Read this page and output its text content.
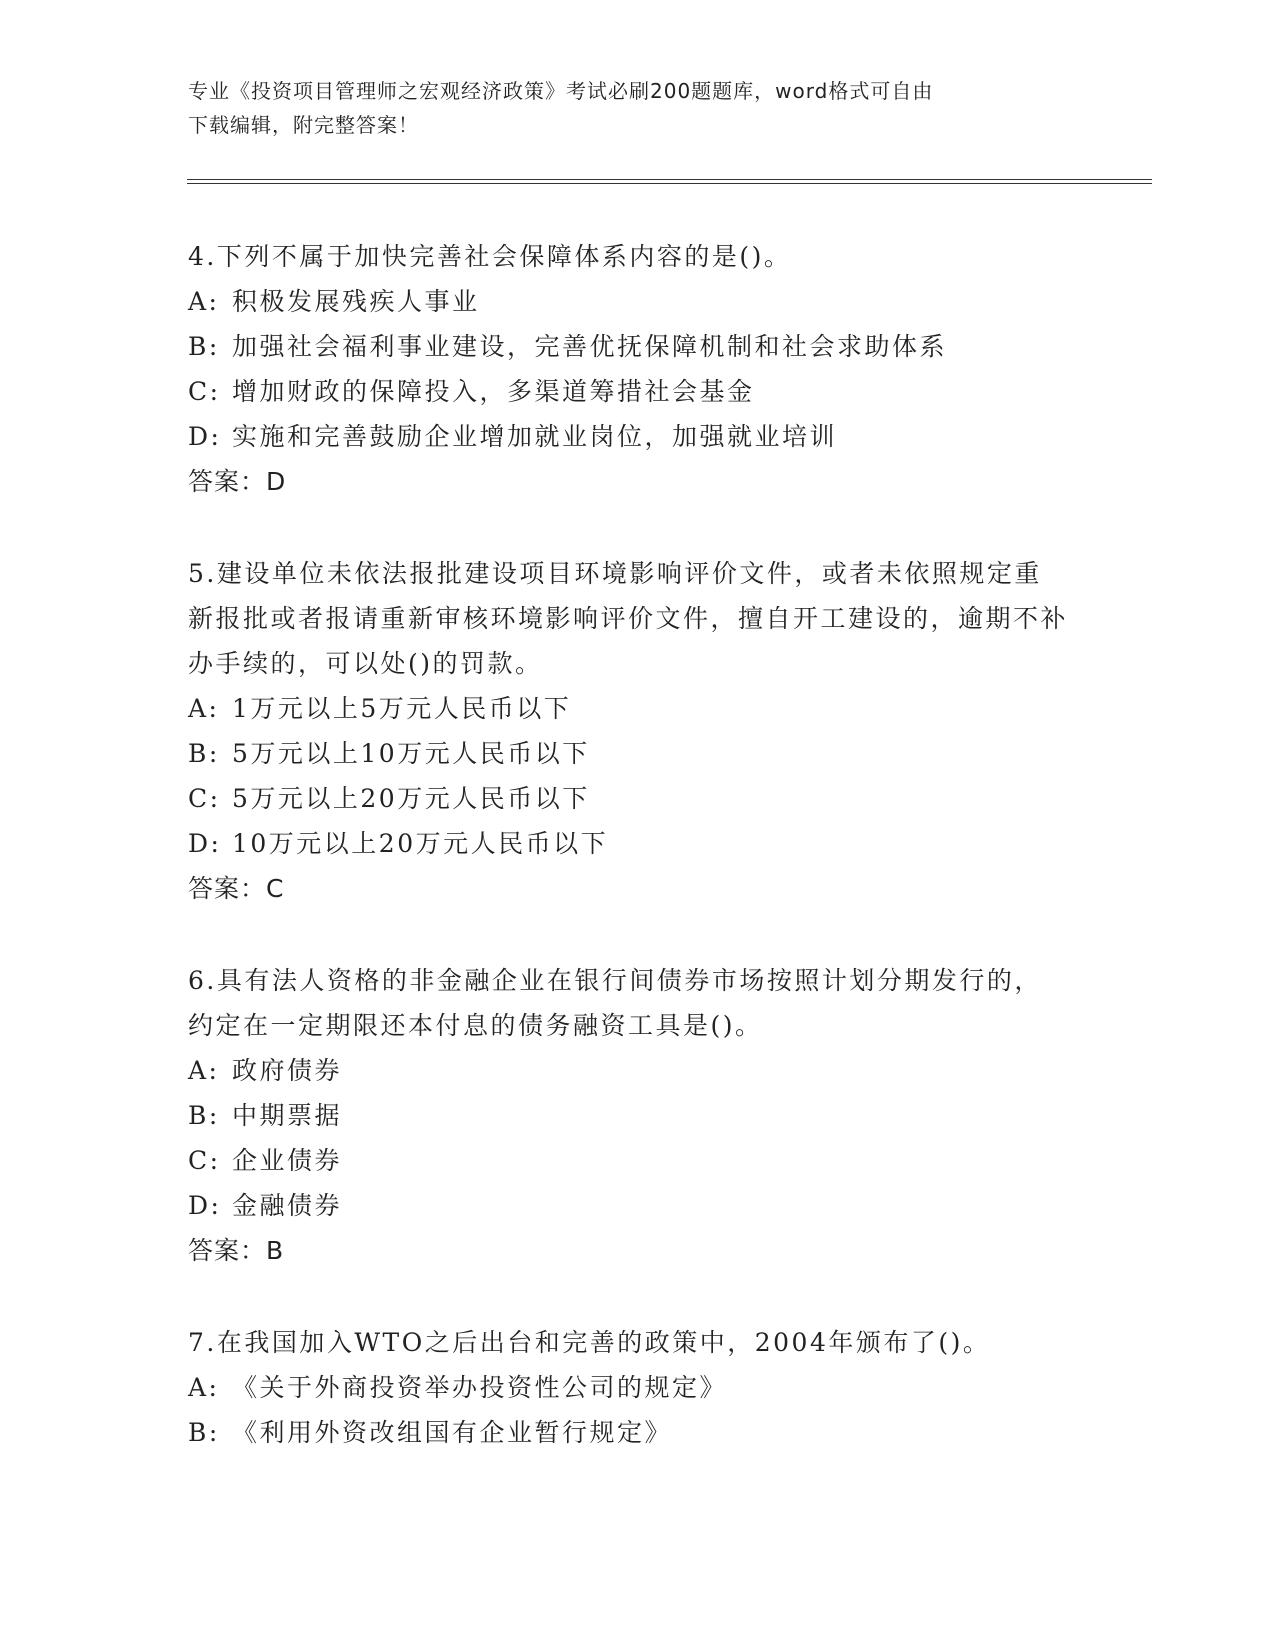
专业《投资项目管理师之宏观经济政策》考试必刷200题题库，word格式可自由
下载编辑，附完整答案！
4.下列不属于加快完善社会保障体系内容的是()。
A: 积极发展残疾人事业
B: 加强社会福利事业建设，完善优抚保障机制和社会求助体系
C: 增加财政的保障投入，多渠道筹措社会基金
D: 实施和完善鼓励企业增加就业岗位，加强就业培训
答案：D
5.建设单位未依法报批建设项目环境影响评价文件，或者未依照规定重新报批或者报请重新审核环境影响评价文件，擅自开工建设的，逾期不补办手续的，可以处()的罚款。
A: 1万元以上5万元人民币以下
B: 5万元以上10万元人民币以下
C: 5万元以上20万元人民币以下
D: 10万元以上20万元人民币以下
答案：C
6.具有法人资格的非金融企业在银行间债券市场按照计划分期发行的，约定在一定期限还本付息的债务融资工具是()。
A: 政府债券
B: 中期票据
C: 企业债券
D: 金融债券
答案：B
7.在我国加入WTO之后出台和完善的政策中，2004年颁布了()。
A: 《关于外商投资举办投资性公司的规定》
B: 《利用外资改组国有企业暂行规定》
